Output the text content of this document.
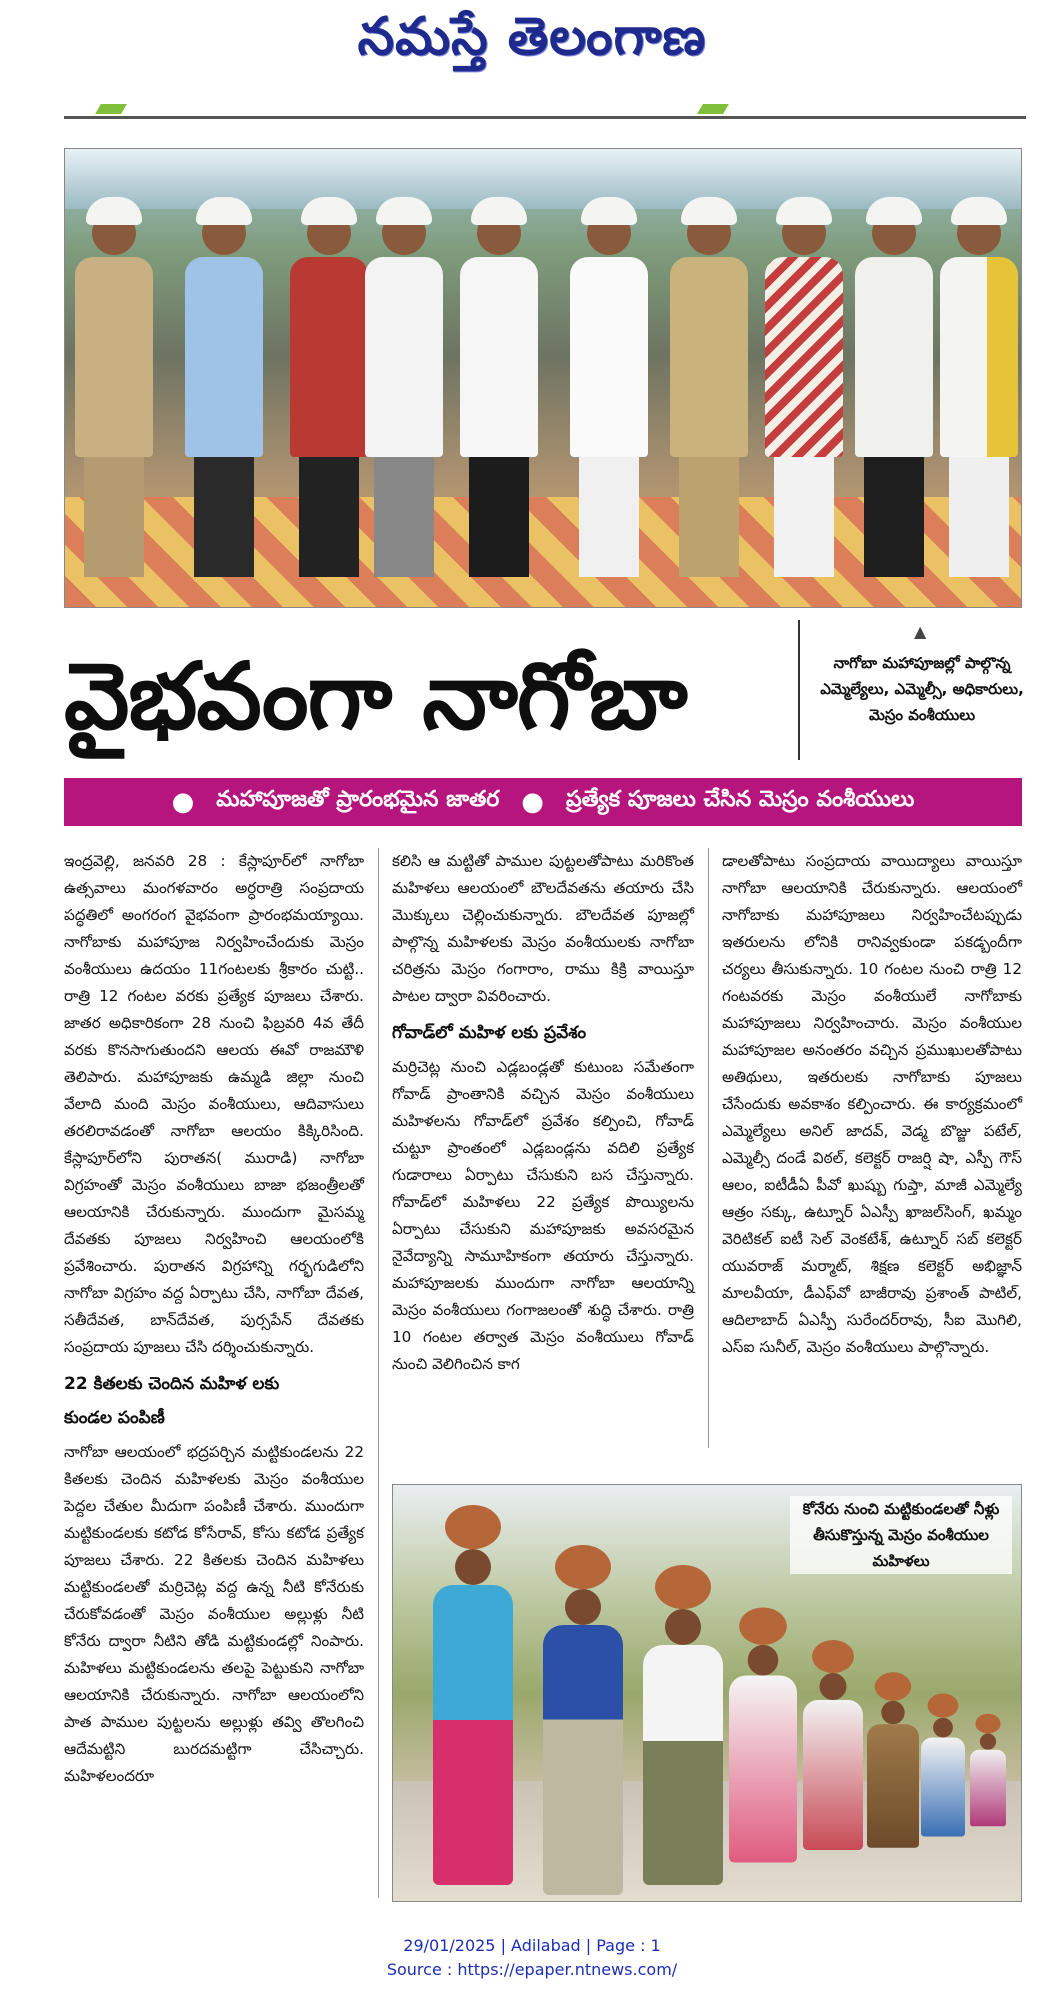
నమస్తే తెలంగాణ
వైభవంగా నాగోబా
▲
నాగోబా మహాపూజల్లో పాల్గొన్న ఎమ్మెల్యేలు, ఎమ్మెల్సీ, అధికారులు, మెస్రం వంశీయులు
● మహాపూజతో ప్రారంభమైన జాతర ● ప్రత్యేక పూజలు చేసిన మెస్రం వంశీయులు

ఇంద్రవెల్లి, జనవరి 28 : కేస్లాపూర్‌లో నాగోబా ఉత్సవాలు మంగళవారం అర్ధరాత్రి సంప్రదాయ పద్ధతిలో అంగరంగ వైభవంగా ప్రారంభమయ్యాయి. నాగోబాకు మహాపూజ నిర్వహించేందుకు మెస్రం వంశీయులు ఉదయం 11గంటలకు శ్రీకారం చుట్టి.. రాత్రి 12 గంటల వరకు ప్రత్యేక పూజలు చేశారు. జాతర అధికారికంగా 28 నుంచి ఫిబ్రవరి 4వ తేదీ వరకు కొనసాగుతుందని ఆలయ ఈవో రాజమౌళి తెలిపారు. మహాపూజకు ఉమ్మడి జిల్లా నుంచి వేలాది మంది మెస్రం వంశీయులు, ఆదివాసులు తరలిరావడంతో నాగోబా ఆలయం కిక్కిరిసింది. కేస్లాపూర్‌లోని పురాతన( మురాడి) నాగోబా విగ్రహంతో మెస్రం వంశీయులు బాజా భజంత్రీలతో ఆలయానికి చేరుకున్నారు. ముందుగా మైసమ్మ దేవతకు పూజలు నిర్వహించి ఆలయంలోకి ప్రవేశించారు. పురాతన విగ్రహాన్ని గర్భగుడిలోని నాగోబా విగ్రహం వద్ద ఏర్పాటు చేసి, నాగోబా దేవత, సతీదేవత, బాన్‌దేవత, పుర్సపేన్ దేవతకు సంప్రదాయ పూజలు చేసి దర్శించుకున్నారు.

22 కితలకు చెందిన మహిళ లకు
కుండల పంపిణీ

నాగోబా ఆలయంలో భద్రపర్చిన మట్టికుండలను 22 కితలకు చెందిన మహిళలకు మెస్రం వంశీయుల పెద్దల చేతుల మీదుగా పంపిణీ చేశారు. ముందుగా మట్టికుండలకు కటోడ కోసేరావ్, కోసు కటోడ ప్రత్యేక పూజలు చేశారు. 22 కితలకు చెందిన మహిళలు మట్టికుండలతో మర్రిచెట్ల వద్ద ఉన్న నీటి కోనేరుకు చేరుకోవడంతో మెస్రం వంశీయుల అల్లుళ్లు నీటి కోనేరు ద్వారా నీటిని తోడి మట్టికుండల్లో నింపారు. మహిళలు మట్టికుండలను తలపై పెట్టుకుని నాగోబా ఆలయానికి చేరుకున్నారు. నాగోబా ఆలయంలోని పాత పాముల పుట్టలను అల్లుళ్లు తవ్వి తొలగించి ఆదేమట్టిని బురదమట్టిగా చేసిచ్చారు. మహిళలందరూ

కలిసి ఆ మట్టితో పాముల పుట్టలతోపాటు మరికొంత మహిళలు ఆలయంలో బౌలదేవతను తయారు చేసి మొక్కులు చెల్లించుకున్నారు. బౌలదేవత పూజల్లో పాల్గొన్న మహిళలకు మెస్రం వంశీయులకు నాగోబా చరిత్రను మెస్రం గంగారాం, రాము కిక్రి వాయిస్తూ పాటల ద్వారా వివరించారు.

గోవాడ్‌లో మహిళ లకు ప్రవేశం

మర్రిచెట్ల నుంచి ఎడ్లబండ్లతో కుటుంబ సమేతంగా గోవాడ్ ప్రాంతానికి వచ్చిన మెస్రం వంశీయులు మహిళలను గోవాడ్‌లో ప్రవేశం కల్పించి, గోవాడ్ చుట్టూ ప్రాంతంలో ఎడ్లబండ్లను వదిలి ప్రత్యేక గుడారాలు ఏర్పాటు చేసుకుని బస చేస్తున్నారు. గోవాడ్‌లో మహిళలు 22 ప్రత్యేక పొయ్యిలను ఏర్పాటు చేసుకుని మహాపూజకు అవసరమైన నైవేద్యాన్ని సామూహికంగా తయారు చేస్తున్నారు. మహాపూజలకు ముందుగా నాగోబా ఆలయాన్ని మెస్రం వంశీయులు గంగాజలంతో శుద్ధి చేశారు. రాత్రి 10 గంటల తర్వాత మెస్రం వంశీయులు గోవాడ్ నుంచి వెలిగించిన కాగ

డాలతోపాటు సంప్రదాయ వాయిద్యాలు వాయిస్తూ నాగోబా ఆలయానికి చేరుకున్నారు. ఆలయంలో నాగోబాకు మహాపూజలు నిర్వహించేటప్పుడు ఇతరులను లోనికి రానివ్వకుండా పకడ్బందీగా చర్యలు తీసుకున్నారు. 10 గంటల నుంచి రాత్రి 12 గంటవరకు మెస్రం వంశీయులే నాగోబాకు మహాపూజలు నిర్వహించారు. మెస్రం వంశీయుల మహాపూజల అనంతరం వచ్చిన ప్రముఖులతోపాటు అతిథులు, ఇతరులకు నాగోబాకు పూజలు చేసేందుకు అవకాశం కల్పించారు. ఈ కార్యక్రమంలో ఎమ్మెల్యేలు అనిల్ జాదవ్, వెడ్మ బొజ్జు పటేల్, ఎమ్మెల్సీ దండే విఠల్, కలెక్టర్ రాజర్షి షా, ఎస్పీ గౌస్ ఆలం, ఐటీడీఏ పీవో ఖుష్బు గుప్తా, మాజీ ఎమ్మెల్యే ఆత్రం సక్కు, ఉట్నూర్ ఏఎస్పీ ఖాజల్‌సింగ్, ఖమ్మం వెరిటికల్ ఐటీ సెల్ వెంకటేశ్, ఉట్నూర్ సబ్ కలెక్టర్ యువరాజ్ మర్మాట్, శిక్షణ కలెక్టర్ అభిజ్ఞాన్ మాలవీయా, డీఎఫ్‌వో బాజీరావు ప్రశాంత్ పాటిల్, ఆదిలాబాద్ ఏఎస్పీ సురేందర్‌రావు, సీఐ మొగిలి, ఎస్ఐ సునీల్, మెస్రం వంశీయులు పాల్గొన్నారు.

కోనేరు నుంచి మట్టికుండలతో నీళ్లు తీసుకొస్తున్న మెస్రం వంశీయుల మహిళలు
29/01/2025 | Adilabad | Page : 1
Source : https://epaper.ntnews.com/
